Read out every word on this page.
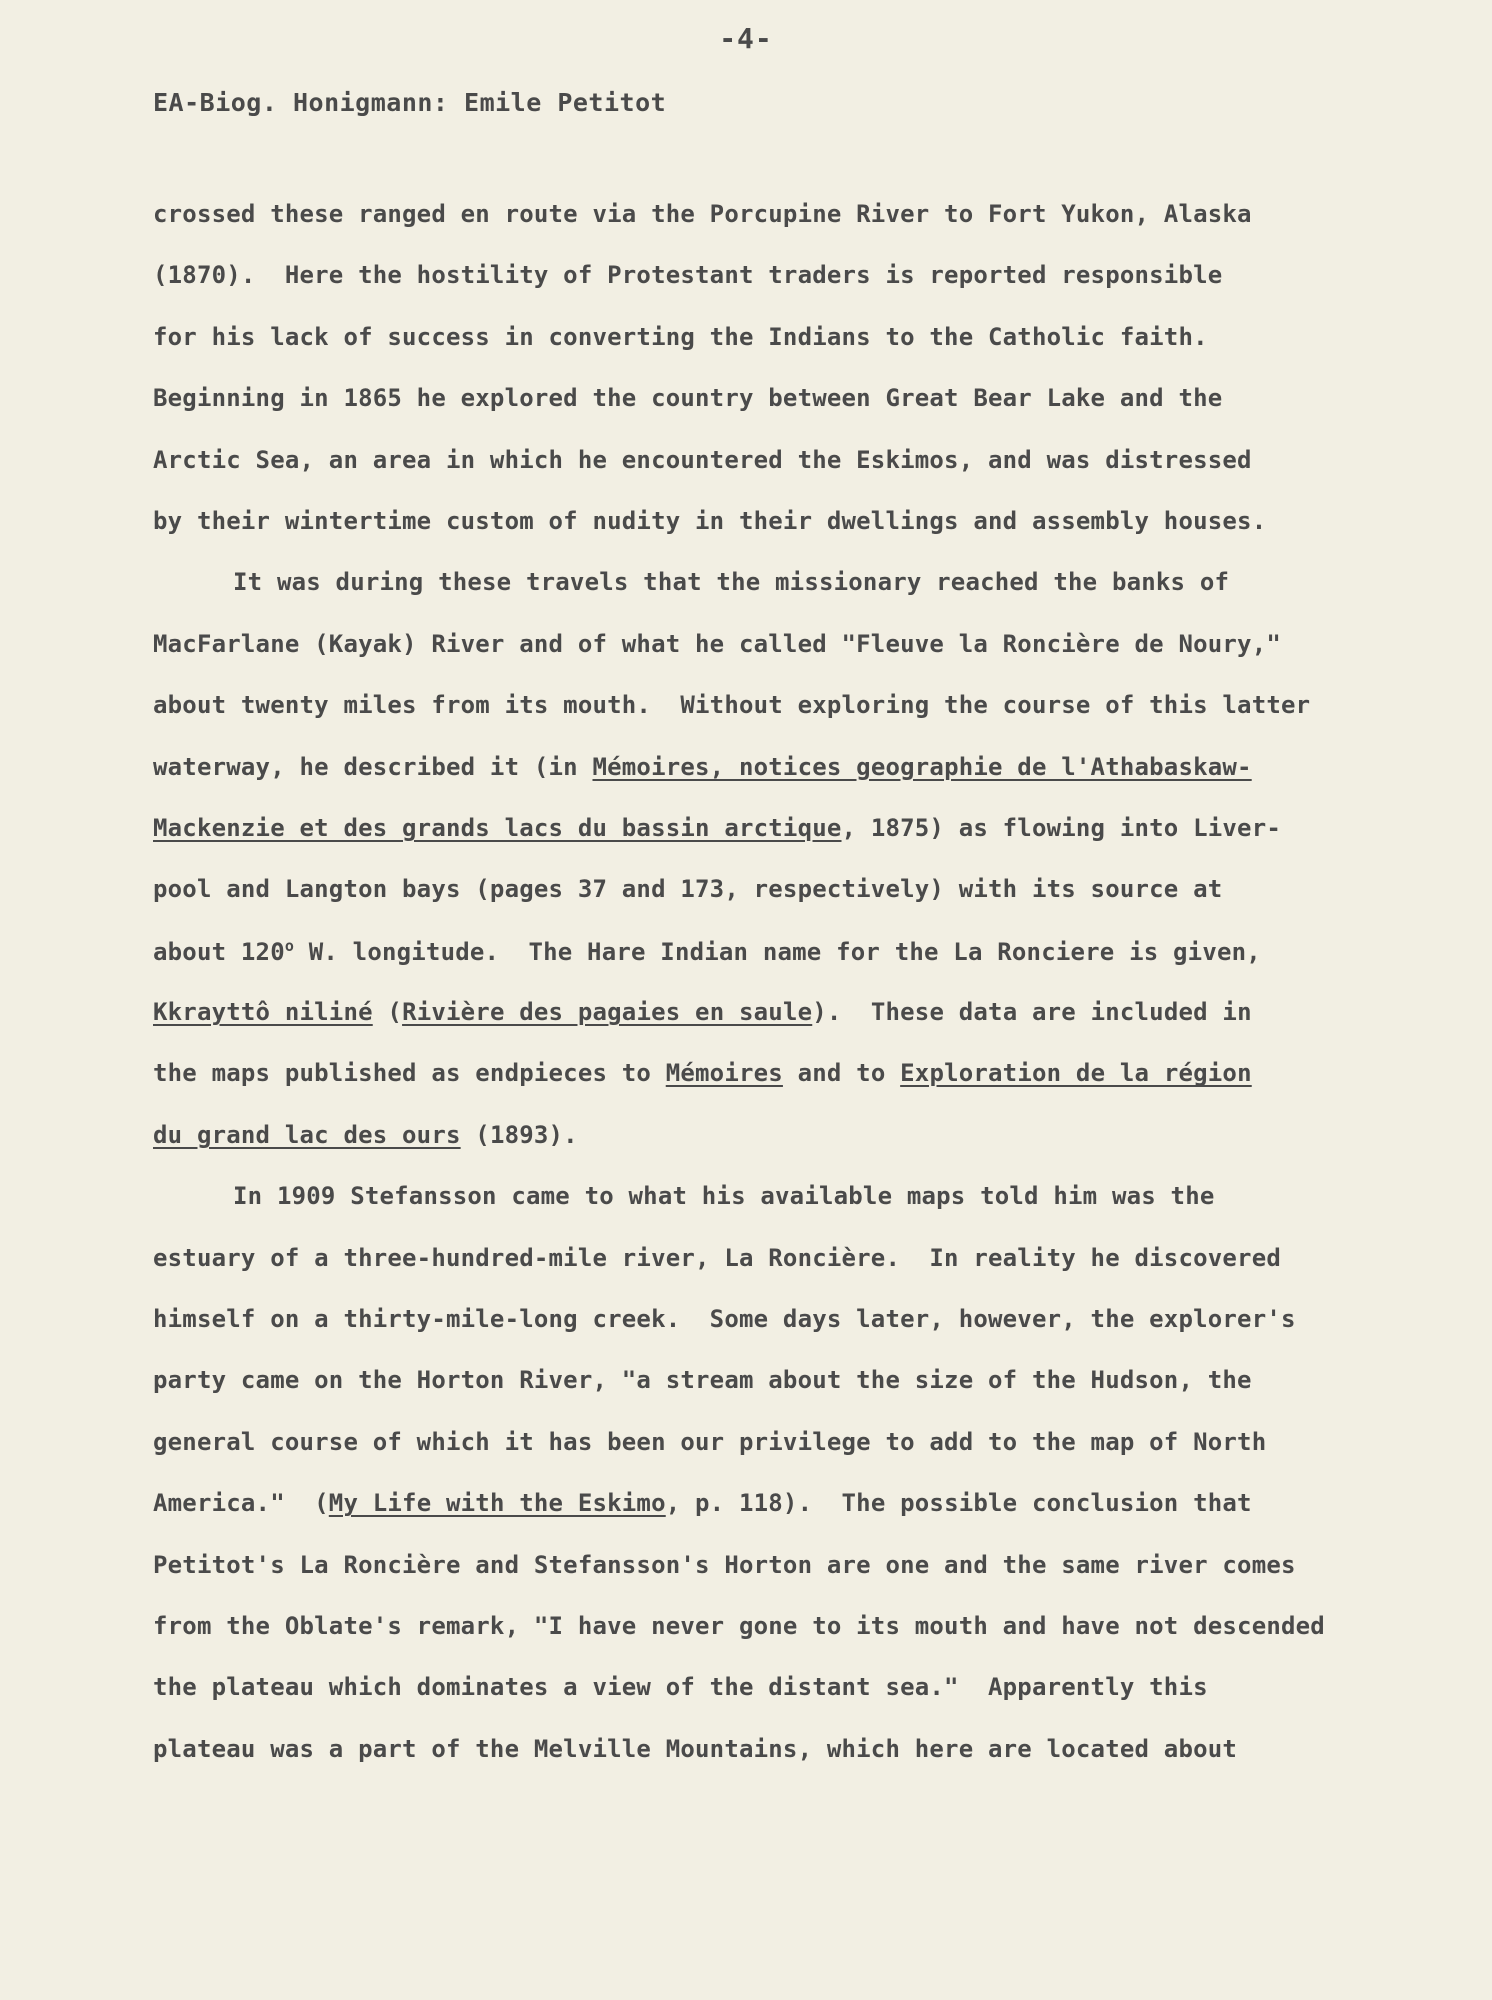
-4-
EA-Biog. Honigmann: Emile Petitot
crossed these ranged en route via the Porcupine River to Fort Yukon, Alaska
(1870).  Here the hostility of Protestant traders is reported responsible
for his lack of success in converting the Indians to the Catholic faith.
Beginning in 1865 he explored the country between Great Bear Lake and the
Arctic Sea, an area in which he encountered the Eskimos, and was distressed
by their wintertime custom of nudity in their dwellings and assembly houses.
It was during these travels that the missionary reached the banks of
MacFarlane (Kayak) River and of what he called "Fleuve la Roncière de Noury,"
about twenty miles from its mouth.  Without exploring the course of this latter
waterway, he described it (in Mémoires, notices geographie de l'Athabaskaw-
Mackenzie et des grands lacs du bassin arctique, 1875) as flowing into Liver-
pool and Langton bays (pages 37 and 173, respectively) with its source at
about 120$^o$ W. longitude.  The Hare Indian name for the La Ronciere is given,
Kkrayttô niliné (Rivière des pagaies en saule).  These data are included in
the maps published as endpieces to Mémoires and to Exploration de la région
du grand lac des ours (1893).
In 1909 Stefansson came to what his available maps told him was the
estuary of a three-hundred-mile river, La Roncière.  In reality he discovered
himself on a thirty-mile-long creek.  Some days later, however, the explorer's
party came on the Horton River, "a stream about the size of the Hudson, the
general course of which it has been our privilege to add to the map of North
America."  (My Life with the Eskimo, p. 118).  The possible conclusion that
Petitot's La Roncière and Stefansson's Horton are one and the same river comes
from the Oblate's remark, "I have never gone to its mouth and have not descended
the plateau which dominates a view of the distant sea."  Apparently this
plateau was a part of the Melville Mountains, which here are located about
